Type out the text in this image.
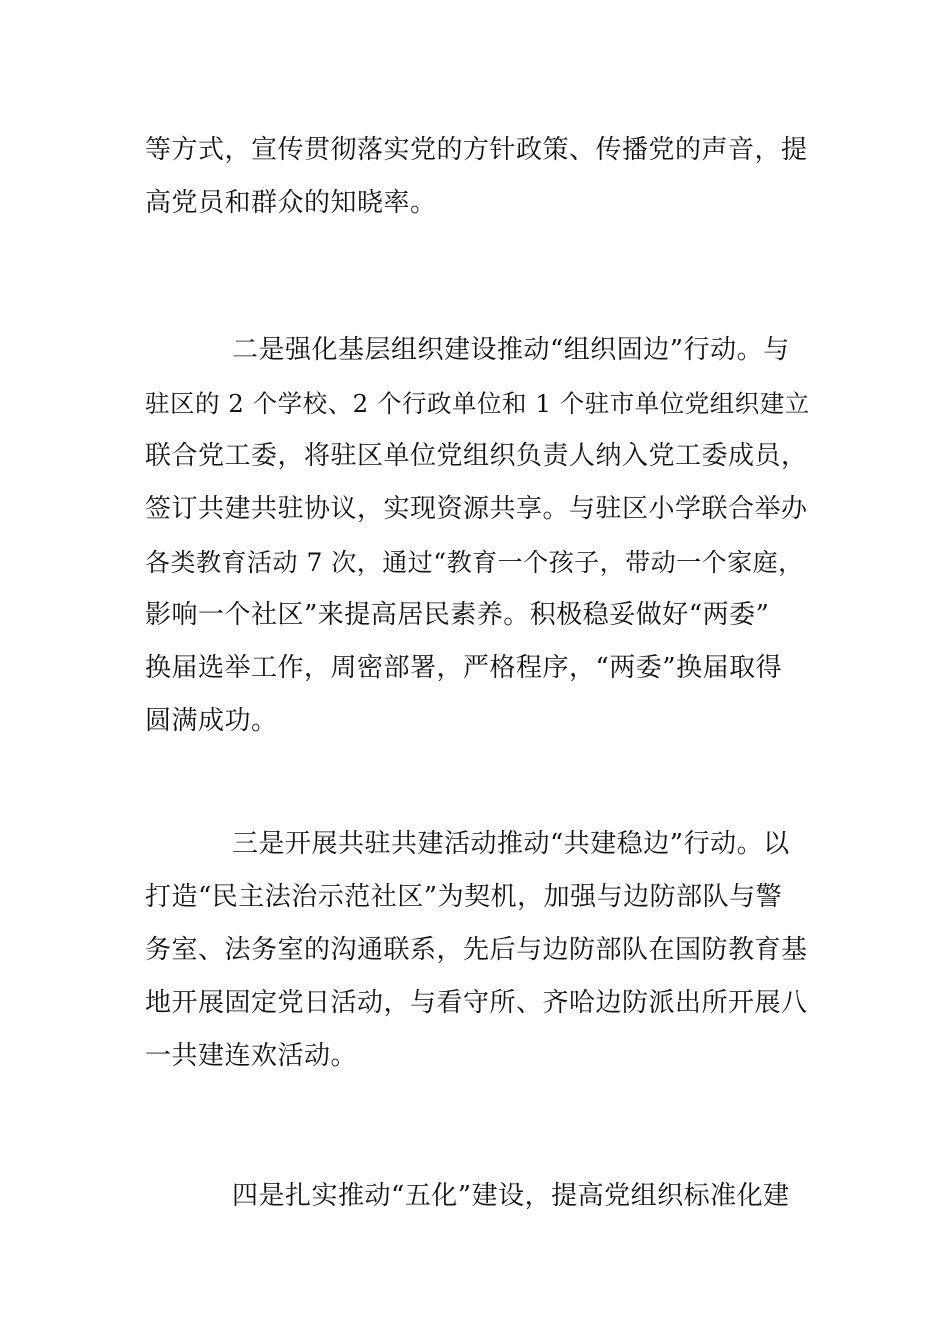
等方式，宣传贯彻落实党的方针政策、传播党的声音，提
高党员和群众的知晓率。
二是强化基层组织建设推动“组织固边”行动。与
驻区的 2 个学校、2 个行政单位和 1 个驻市单位党组织建立
联合党工委，将驻区单位党组织负责人纳入党工委成员，
签订共建共驻协议，实现资源共享。与驻区小学联合举办
各类教育活动 7 次，通过“教育一个孩子，带动一个家庭，
影响一个社区”来提高居民素养。积极稳妥做好“两委”
换届选举工作，周密部署，严格程序，“两委”换届取得
圆满成功。
三是开展共驻共建活动推动“共建稳边”行动。以
打造“民主法治示范社区”为契机，加强与边防部队与警
务室、法务室的沟通联系，先后与边防部队在国防教育基
地开展固定党日活动，与看守所、齐哈边防派出所开展八
一共建连欢活动。
四是扎实推动“五化”建设，提高党组织标准化建
